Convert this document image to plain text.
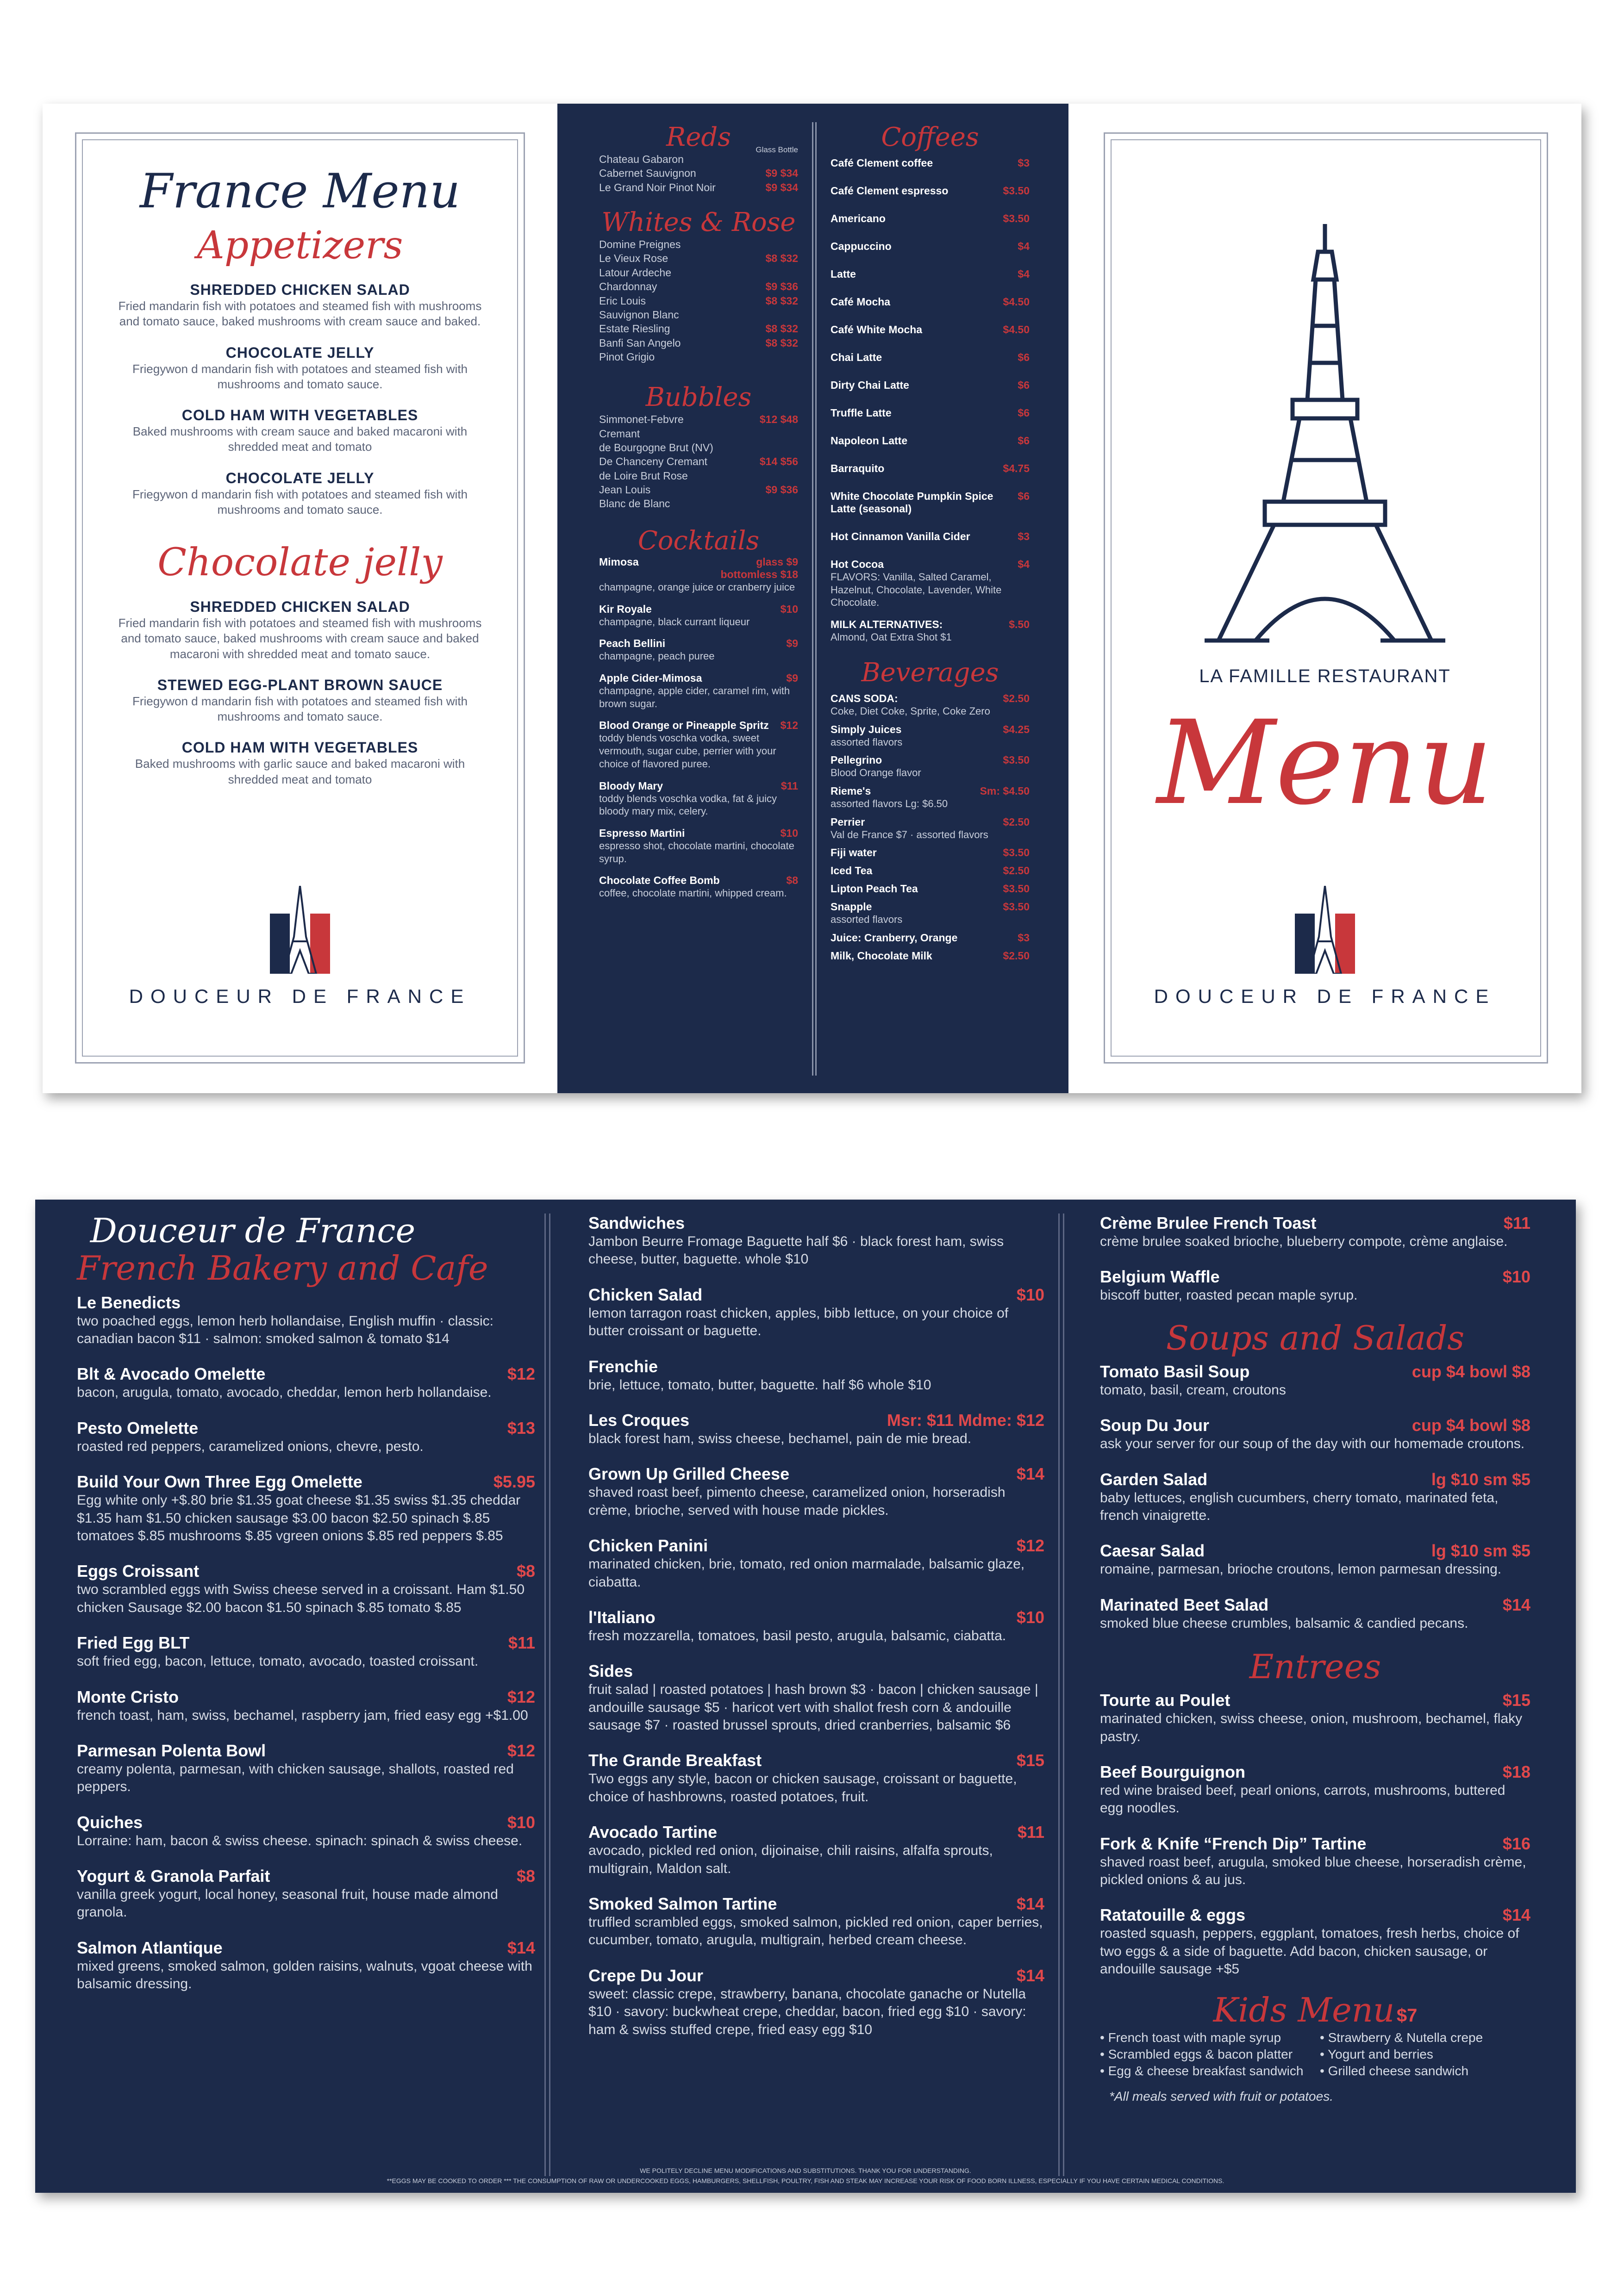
France Menu
Appetizers
SHREDDED CHICKEN SALAD
Fried mandarin fish with potatoes and steamed fish with mushrooms and tomato sauce, baked mushrooms with cream sauce and baked.
CHOCOLATE JELLY
Friegywon d mandarin fish with potatoes and steamed fish with mushrooms and tomato sauce.
COLD HAM WITH VEGETABLES
Baked mushrooms with cream sauce and baked macaroni with shredded meat and tomato
CHOCOLATE JELLY
Friegywon d mandarin fish with potatoes and steamed fish with mushrooms and tomato sauce.
Chocolate jelly
SHREDDED CHICKEN SALAD
Fried mandarin fish with potatoes and steamed fish with mushrooms and tomato sauce, baked mushrooms with cream sauce and baked macaroni with shredded meat and tomato sauce.
STEWED EGG-PLANT BROWN SAUCE
Friegywon d mandarin fish with potatoes and steamed fish with mushrooms and tomato sauce.
COLD HAM WITH VEGETABLES
Baked mushrooms with garlic sauce and baked macaroni with shredded meat and tomato
DOUCEUR DE FRANCE
Reds	Glass Bottle
Chateau Gabaron
Cabernet Sauvignon	$9 $34
Le Grand Noir Pinot Noir	$9 $34
Whites & Rose
Domine Preignes
Le Vieux Rose	$8 $32
Latour Ardeche
Chardonnay	$9 $36
Eric Louis	$8 $32
Sauvignon Blanc
Estate Riesling	$8 $32
Banfi San Angelo	$8 $32
Pinot Grigio
Bubbles
Simmonet-Febvre	$12 $48
Cremant
de Bourgogne Brut (NV)
De Chanceny Cremant	$14 $56
de Loire Brut Rose
Jean Louis	$9 $36
Blanc de Blanc
Cocktails
Mimosa	glass $9
bottomless $18
champagne, orange juice or cranberry juice
Kir Royale	$10
champagne, black currant liqueur
Peach Bellini	$9
champagne, peach puree
Apple Cider-Mimosa	$9
champagne, apple cider, caramel rim, with brown sugar.
Blood Orange or Pineapple Spritz $12
toddy blends voschka vodka, sweet vermouth, sugar cube, perrier with your choice of flavored puree.
Bloody Mary	$11
toddy blends voschka vodka, fat & juicy bloody mary mix, celery.
Espresso Martini	$10
espresso shot, chocolate martini, chocolate syrup.
Chocolate Coffee Bomb	$8
coffee, chocolate martini, whipped cream.
Coffees
Café Clement coffee	$3
Café Clement espresso	$3.50
Americano	$3.50
Cappuccino	$4
Latte	$4
Café Mocha	$4.50
Café White Mocha	$4.50
Chai Latte	$6
Dirty Chai Latte	$6
Truffle Latte	$6
Napoleon Latte	$6
Barraquito	$4.75
White Chocolate Pumpkin Spice Latte (seasonal)
$6
Hot Cinnamon Vanilla Cider	$3
Hot Cocoa	$4
FLAVORS: Vanilla, Salted Caramel, Hazelnut, Chocolate, Lavender, White Chocolate.
MILK ALTERNATIVES:	$.50
Almond, Oat Extra Shot $1
Beverages
CANS SODA:	$2.50
Coke, Diet Coke, Sprite, Coke Zero
Simply Juices	$4.25
assorted flavors
Pellegrino	$3.50
Blood Orange flavor
Rieme's	Sm: $4.50
assorted flavors Lg: $6.50
Perrier	$2.50
Val de France $7 · assorted flavors
Fiji water	$3.50
Iced Tea	$2.50
Lipton Peach Tea	$3.50
Snapple	$3.50
assorted flavors
Juice: Cranberry, Orange	$3
Milk, Chocolate Milk	$2.50
LA FAMILLE RESTAURANT
Menu
DOUCEUR DE FRANCE
Douceur de France
French Bakery and Cafe
Le Benedicts
two poached eggs, lemon herb hollandaise, English muffin · classic: canadian bacon $11 · salmon: smoked salmon & tomato $14
Blt & Avocado Omelette	$12
bacon, arugula, tomato, avocado, cheddar, lemon herb hollandaise.
Pesto Omelette	$13
roasted red peppers, caramelized onions, chevre, pesto.
Build Your Own Three Egg Omelette	$5.95
Egg white only +$.80 brie $1.35 goat cheese $1.35 swiss $1.35 cheddar $1.35 ham $1.50 chicken sausage $3.00 bacon $2.50 spinach $.85 tomatoes $.85 mushrooms $.85 vgreen onions $.85 red peppers $.85
Eggs Croissant	$8
two scrambled eggs with Swiss cheese served in a croissant. Ham $1.50 chicken Sausage $2.00 bacon $1.50 spinach $.85 tomato $.85
Fried Egg BLT	$11
soft fried egg, bacon, lettuce, tomato, avocado, toasted croissant.
Monte Cristo	$12
french toast, ham, swiss, bechamel, raspberry jam, fried easy egg +$1.00
Parmesan Polenta Bowl	$12
creamy polenta, parmesan, with chicken sausage, shallots, roasted red peppers.
Quiches	$10
Lorraine: ham, bacon & swiss cheese. spinach: spinach & swiss cheese.
Yogurt & Granola Parfait	$8
vanilla greek yogurt, local honey, seasonal fruit, house made almond granola.
Salmon Atlantique	$14
mixed greens, smoked salmon, golden raisins, walnuts, vgoat cheese with balsamic dressing.
Sandwiches
Jambon Beurre Fromage Baguette half $6 · black forest ham, swiss cheese, butter, baguette. whole $10
Chicken Salad	$10
lemon tarragon roast chicken, apples, bibb lettuce, on your choice of butter croissant or baguette.
Frenchie
brie, lettuce, tomato, butter, baguette. half $6 whole $10
Les Croques	Msr: $11 Mdme: $12
black forest ham, swiss cheese, bechamel, pain de mie bread.
Grown Up Grilled Cheese	$14
shaved roast beef, pimento cheese, caramelized onion, horseradish crème, brioche, served with house made pickles.
Chicken Panini	$12
marinated chicken, brie, tomato, red onion marmalade, balsamic glaze, ciabatta.
l'Italiano	$10
fresh mozzarella, tomatoes, basil pesto, arugula, balsamic, ciabatta.
Sides
fruit salad | roasted potatoes | hash brown $3 · bacon | chicken sausage | andouille sausage $5 · haricot vert with shallot fresh corn & andouille sausage $7 · roasted brussel sprouts, dried cranberries, balsamic $6
The Grande Breakfast	$15
Two eggs any style, bacon or chicken sausage, croissant or baguette, choice of hashbrowns, roasted potatoes, fruit.
Avocado Tartine	$11
avocado, pickled red onion, dijoinaise, chili raisins, alfalfa sprouts, multigrain, Maldon salt.
Smoked Salmon Tartine	$14
truffled scrambled eggs, smoked salmon, pickled red onion, caper berries, cucumber, tomato, arugula, multigrain, herbed cream cheese.
Crepe Du Jour	$14
sweet: classic crepe, strawberry, banana, chocolate ganache or Nutella $10 · savory: buckwheat crepe, cheddar, bacon, fried egg $10 · savory: ham & swiss stuffed crepe, fried easy egg $10
Crème Brulee French Toast	$11
crème brulee soaked brioche, blueberry compote, crème anglaise.
Belgium Waffle	$10
biscoff butter, roasted pecan maple syrup.
Soups and Salads
Tomato Basil Soup	cup $4 bowl $8
tomato, basil, cream, croutons
Soup Du Jour	cup $4 bowl $8
ask your server for our soup of the day with our homemade croutons.
Garden Salad	lg $10 sm $5
baby lettuces, english cucumbers, cherry tomato, marinated feta, french vinaigrette.
Caesar Salad	lg $10 sm $5
romaine, parmesan, brioche croutons, lemon parmesan dressing.
Marinated Beet Salad	$14
smoked blue cheese crumbles, balsamic & candied pecans.
Entrees
Tourte au Poulet	$15
marinated chicken, swiss cheese, onion, mushroom, bechamel, flaky pastry.
Beef Bourguignon	$18
red wine braised beef, pearl onions, carrots, mushrooms, buttered egg noodles.
Fork & Knife “French Dip” Tartine	$16
shaved roast beef, arugula, smoked blue cheese, horseradish crème, pickled onions & au jus.
Ratatouille & eggs	$14
roasted squash, peppers, eggplant, tomatoes, fresh herbs, choice of two eggs & a side of baguette. Add bacon, chicken sausage, or andouille sausage +$5
Kids Menu $7
• French toast with maple syrup	• Strawberry & Nutella crepe
• Scrambled eggs & bacon platter	• Yogurt and berries
• Egg & cheese breakfast sandwich	• Grilled cheese sandwich
*All meals served with fruit or potatoes.
WE POLITELY DECLINE MENU MODIFICATIONS AND SUBSTITUTIONS. THANK YOU FOR UNDERSTANDING.
**EGGS MAY BE COOKED TO ORDER *** THE CONSUMPTION OF RAW OR UNDERCOOKED EGGS, HAMBURGERS, SHELLFISH, POULTRY, FISH AND STEAK MAY INCREASE YOUR RISK OF FOOD BORN ILLNESS, ESPECIALLY IF YOU HAVE CERTAIN MEDICAL CONDITIONS.
